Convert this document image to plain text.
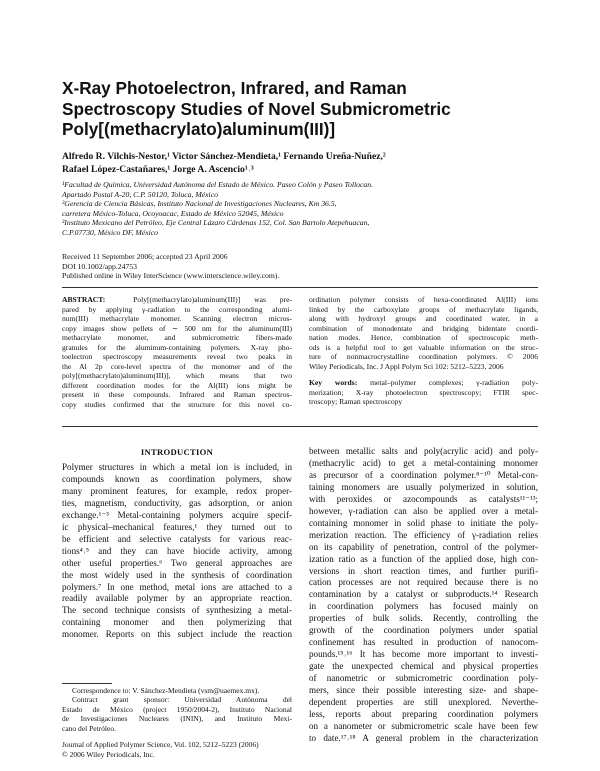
X-Ray Photoelectron, Infrared, and Raman
Spectroscopy Studies of Novel Submicrometric
Poly[(methacrylato)aluminum(III)]
Alfredo R. Vilchis-Nestor,¹ Victor Sánchez-Mendieta,¹ Fernando Ureña-Nuñez,²
Rafael López-Castañares,¹ Jorge A. Ascencio¹˒³
¹Facultad de Química, Universidad Autónoma del Estado de México. Paseo Colón y Paseo Tollocan.
Apartado Postal A-20, C.P. 50120, Toluca, México
²Gerencia de Ciencia Básicas, Instituto Nacional de Investigaciones Nucleares, Km 36.5,
carretera México-Toluca, Ocoyoacac, Estado de México 52045, México
³Instituto Mexicano del Petróleo, Eje Central Lázaro Cárdenas 152, Col. San Bartolo Atepehuacan,
C.P.07730, México DF, México
Received 11 September 2006; accepted 23 April 2006
DOI 10.1002/app.24753
Published online in Wiley InterScience (www.interscience.wiley.com).
ABSTRACT:	Poly[(methacrylato)aluminum(III)] was pre-
pared by applying γ-radiation to the corresponding alumi-
num(III) methacrylate monomer. Scanning electron micros-
copy images show pellets of ∼ 500 nm for the aluminum(III)
methacrylate monomer, and submicrometric fibers-made
granules for the aluminum-containing polymers. X-ray pho-
toelectron spectroscopy measurements reveal two peaks in
the Al 2p core-level spectra of the monomer and of the
poly[(methacrylato)aluminum(III)], which means that two
different coordination modes for the Al(III) ions might be
present in these compounds. Infrared and Raman spectros-
copy studies confirmed that the structure for this novel co-
ordination polymer consists of hexa-coordinated Al(III) ions
linked by the carboxylate groups of methacrylate ligands,
along with hydroxyl groups and coordinated water, in a
combination of monodentate and bridging bidentate coordi-
nation modes. Hence, combination of spectroscopic meth-
ods is a helpful tool to get valuable information on the struc-
ture of nonmacrocrystalline coordination polymers. © 2006
Wiley Periodicals, Inc. J Appl Polym Sci 102: 5212–5223, 2006
Key words: metal–polymer complexes; γ-radiation poly-
merization; X-ray photoelectron spectroscopy; FTIR spec-
troscopy; Raman spectroscopy
INTRODUCTION
Polymer structures in which a metal ion is included, in
compounds known as coordination polymers, show
many prominent features, for example, redox proper-
ties, magnetism, conductivity, gas adsorption, or anion
exchange.¹⁻³ Metal-containing polymers acquire specif-
ic physical–mechanical features,¹ they turned out to
be efficient and selective catalysts for various reac-
tions⁴˒⁵ and they can have biocide activity, among
other useful properties.⁶ Two general approaches are
the most widely used in the synthesis of coordination
polymers.⁷ In one method, metal ions are attached to a
readily available polymer by an appropriate reaction.
The second technique consists of synthesizing a metal-
containing monomer and then polymerizing that
monomer. Reports on this subject include the reaction
between metallic salts and poly(acrylic acid) and poly-
(methacrylic acid) to get a metal-containing monomer
as precursor of a coordination polymer.⁸⁻¹⁰ Metal-con-
taining monomers are usually polymerized in solution,
with peroxides or azocompounds as catalysts¹¹⁻¹³;
however, γ-radiation can also be applied over a metal-
containing monomer in solid phase to initiate the poly-
merization reaction. The efficiency of γ-radiation relies
on its capability of penetration, control of the polymer-
ization ratio as a function of the applied dose, high con-
versions in short reaction times, and further purifi-
cation processes are not required because there is no
contamination by a catalyst or subproducts.¹⁴ Research
in coordination polymers has focused mainly on
properties of bulk solids. Recently, controlling the
growth of the coordination polymers under spatial
confinement has resulted in production of nanocom-
pounds.¹⁵˒¹⁶ It has become more important to investi-
gate the unexpected chemical and physical properties
of nanometric or submicrometric coordination poly-
mers, since their possible interesting size- and shape-
dependent properties are still unexplored. Neverthe-
less, reports about preparing coordination polymers
on a nanometer or submicrometric scale have been few
to date.¹⁷˒¹⁸ A general problem in the characterization
Correspondence to: V. Sánchez-Mendieta (vsm@uaemex.mx).
Contract grant sponsor: Universidad Autónoma del
Estado de México (project 1950/2004-2), Instituto Nacional
de Investigaciones Nucleares (ININ), and Instituto Mexi-
cano del Petróleo.
Journal of Applied Polymer Science, Vol. 102, 5212–5223 (2006)
© 2006 Wiley Periodicals, Inc.
